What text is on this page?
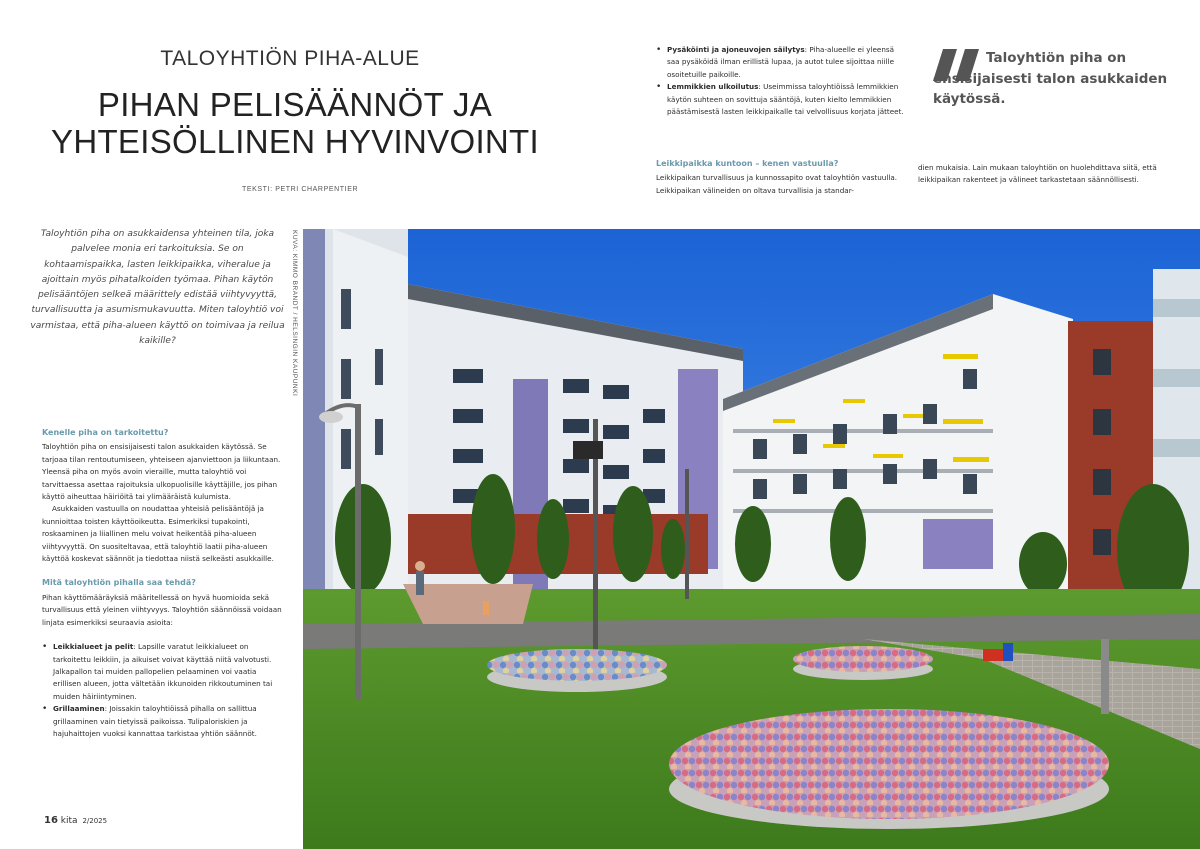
TALOYHTIÖN PIHA-ALUE
PIHAN PELISÄÄNNÖT JA
YHTEISÖLLINEN HYVINVOINTI
TEKSTI: PETRI CHARPENTIER
Taloyhtiön piha on asukkaidensa yhteinen tila, joka palvelee monia eri tarkoituksia. Se on kohtaamispaikka, lasten leikkipaikka, viheralue ja ajoittain myös pihatalkoiden työmaa. Pihan käytön pelisääntöjen selkeä määrittely edistää viihtyvyyttä, turvallisuutta ja asumismukavuutta. Miten taloyhtiö voi varmistaa, että piha-alueen käyttö on toimivaa ja reilua kaikille?
Kenelle piha on tarkoitettu?

Taloyhtiön piha on ensisijaisesti talon asukkaiden käytössä. Se tarjoaa tilan rentoutumiseen, yhteiseen ajanviettoon ja liikuntaan. Yleensä piha on myös avoin vieraille, mutta taloyhtiö voi tarvittaessa asettaa rajoituksia ulkopuolisille käyttäjille, jos pihan käyttö aiheuttaa häiriöitä tai ylimääräistä kulumista.

Asukkaiden vastuulla on noudattaa yhteisiä pelisääntöjä ja kunnioittaa toisten käyttöoikeutta. Esimerkiksi tupakointi, roskaaminen ja liiallinen melu voivat heikentää piha-alueen viihtyvyyttä. On suositeltavaa, että taloyhtiö laatii piha-alueen käyttöä koskevat säännöt ja tiedottaa niistä selkeästi asukkaille.

Mitä taloyhtiön pihalla saa tehdä?

Pihan käyttömääräyksiä määritellessä on hyvä huomioida sekä turvallisuus että yleinen viihtyvyys. Taloyhtiön säännöissä voidaan linjata esimerkiksi seuraavia asioita:

• Leikkialueet ja pelit: Lapsille varatut leikkialueet on tarkoitettu leikkiin, ja aikuiset voivat käyttää niitä valvotusti. Jalkapallon tai muiden pallopelien pelaaminen voi vaatia erillisen alueen, jotta vältetään ikkunoiden rikkoutuminen tai muiden häiriintyminen.

• Grillaaminen: Joissakin taloyhtiöissä pihalla on sallittua grillaaminen vain tietyissä paikoissa. Tulipaloriskien ja hajuhaittojen vuoksi kannattaa tarkistaa yhtiön säännöt.

• Pysäköinti ja ajoneuvojen säilytys: Piha-alueelle ei yleensä saa pysäköidä ilman erillistä lupaa, ja autot tulee sijoittaa niille osoitetuille paikoille.

• Lemmikkien ulkoilutus: Useimmissa taloyhtiöissä lemmikkien käytön suhteen on sovittuja sääntöjä, kuten kielto lemmikkien päästämisestä lasten leikkipaikalle tai velvollisuus korjata jätteet.

Leikkipaikka kuntoon – kenen vastuulla?

Leikkipaikan turvallisuus ja kunnossapito ovat taloyhtiön vastuulla. Leikkipaikan välineiden on oltava turvallisia ja standar-

dien mukaisia. Lain mukaan taloyhtiön on huolehdittava siitä, että leikkipaikan rakenteet ja välineet tarkastetaan säännöllisesti.

Taloyhtiön piha on ensisijaisesti talon asukkaiden käytössä.
KUVA: KIMMO BRANDT / HELSINGIN KAUPUNKI
16 kita 2/2025
